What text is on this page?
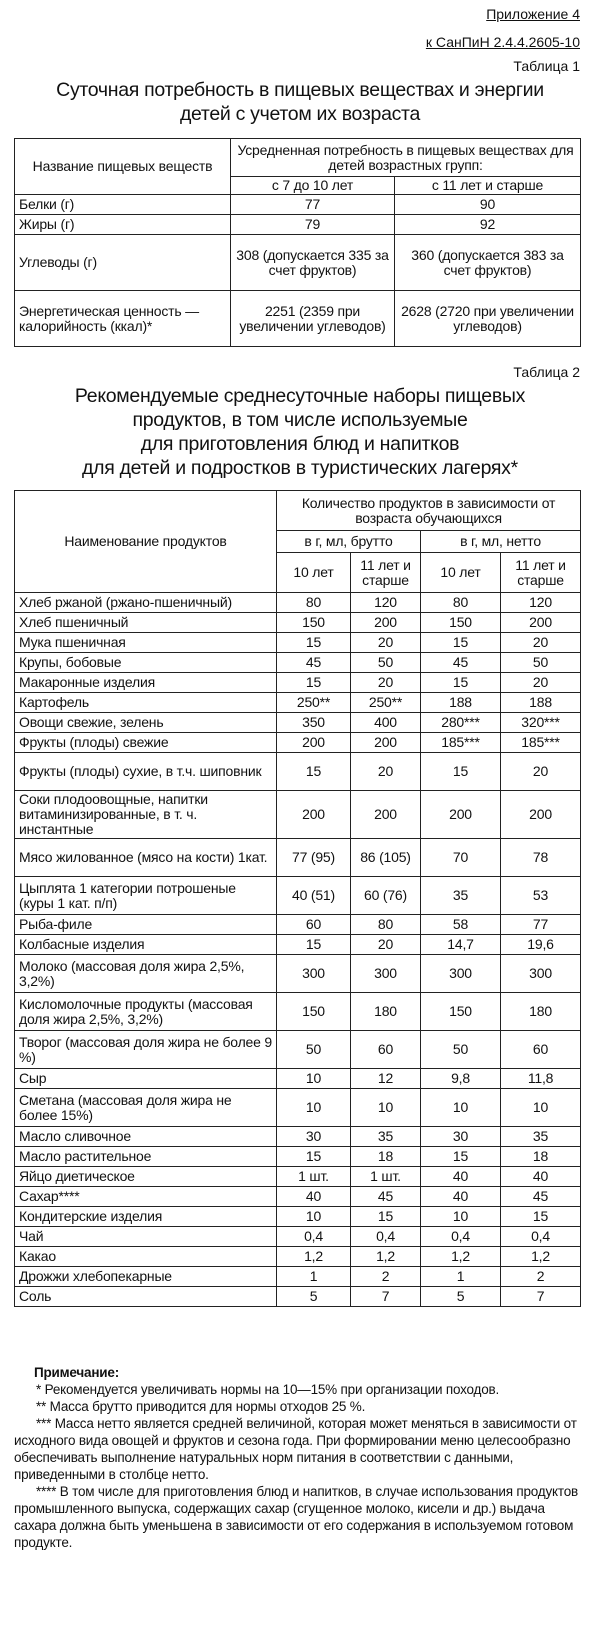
Приложение 4
к СанПиН 2.4.4.2605-10
Таблица 1
Суточная потребность в пищевых веществах и энергии
детей с учетом их возраста
Название пищевых веществ	Усредненная потребность в пищевых веществах для детей возрастных групп:	
	с 7 до 10 лет	с 11 лет и старше
Белки (г)	77	90
Жиры (г)	79	92
Углеводы (г)	308 (допускается 335 за счет фруктов)	360 (допускается 383 за счет фруктов)
Энергетическая ценность — калорийность (ккал)*	2251 (2359 при увеличении углеводов)	2628 (2720 при увеличении углеводов)
Таблица 2
Рекомендуемые среднесуточные наборы пищевых
продуктов, в том числе используемые
для приготовления блюд и напитков
для детей и подростков в туристических лагерях*
Наименование продуктов	Количество продуктов в зависимости от возраста обучающихся			
	в г, мл, брутто		в г, мл, нетто	
	10 лет	11 лет и старше	10 лет	11 лет и старше
Хлеб ржаной (ржано-пшеничный)	80	120	80	120
Хлеб пшеничный	150	200	150	200
Мука пшеничная	15	20	15	20
Крупы, бобовые	45	50	45	50
Макаронные изделия	15	20	15	20
Картофель	250**	250**	188	188
Овощи свежие, зелень	350	400	280***	320***
Фрукты (плоды) свежие	200	200	185***	185***
Фрукты (плоды) сухие, в т.ч. шиповник	15	20	15	20
Соки плодоовощные, напитки витаминизированные, в т. ч. инстантные	200	200	200	200
Мясо жилованное (мясо на кости) 1кат.	77 (95)	86 (105)	70	78
Цыплята 1 категории потрошеные (куры 1 кат. п/п)	40 (51)	60 (76)	35	53
Рыба-филе	60	80	58	77
Колбасные изделия	15	20	14,7	19,6
Молоко (массовая доля жира 2,5%, 3,2%)	300	300	300	300
Кисломолочные продукты (массовая доля жира 2,5%, 3,2%)	150	180	150	180
Творог (массовая доля жира не более 9 %)	50	60	50	60
Сыр	10	12	9,8	11,8
Сметана (массовая доля жира не более 15%)	10	10	10	10
Масло сливочное	30	35	30	35
Масло растительное	15	18	15	18
Яйцо диетическое	1 шт.	1 шт.	40	40
Сахар****	40	45	40	45
Кондитерские изделия	10	15	10	15
Чай	0,4	0,4	0,4	0,4
Какао	1,2	1,2	1,2	1,2
Дрожжи хлебопекарные	1	2	1	2
Соль	5	7	5	7
Примечание:
* Рекомендуется увеличивать нормы на 10—15% при организации походов.
** Масса брутто приводится для нормы отходов 25 %.
*** Масса нетто является средней величиной, которая может меняться в зависимости от исходного вида овощей и фруктов и сезона года. При формировании меню целесообразно обеспечивать выполнение натуральных норм питания в соответствии с данными, приведенными в столбце нетто.
**** В том числе для приготовления блюд и напитков, в случае использования продуктов промышленного выпуска, содержащих сахар (сгущенное молоко, кисели и др.) выдача сахара должна быть уменьшена в зависимости от его содержания в используемом готовом продукте.
